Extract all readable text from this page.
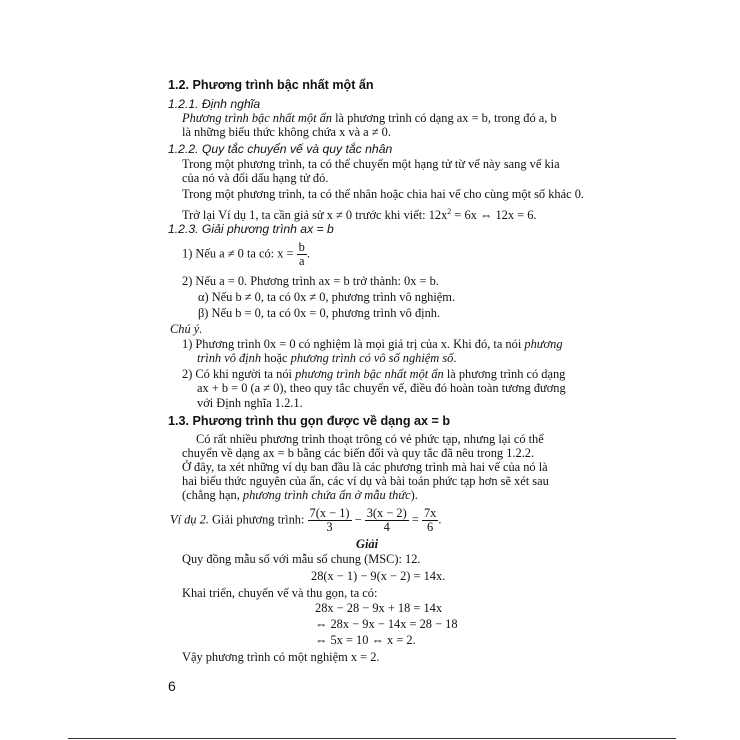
1.2. Phương trình bậc nhất một ẩn
1.2.1. Định nghĩa
Phương trình bậc nhất một ẩn là phương trình có dạng ax = b, trong đó a, b
là những biểu thức không chứa x và a ≠ 0.
1.2.2. Quy tắc chuyển vế và quy tắc nhân
Trong một phương trình, ta có thể chuyển một hạng tử từ vế này sang vế kia
của nó và đổi dấu hạng tử đó.
Trong một phương trình, ta có thể nhân hoặc chia hai vế cho cùng một số khác 0.
Trở lại Ví dụ 1, ta cần giả sử x ≠ 0 trước khi viết: $12x^2 = 6x$ ⇔ 12x = 6.
1.2.3. Giải phương trình ax = b
1) Nếu a ≠ 0 ta có: $x = \frac{b}{a}$ .
2) Nếu a = 0. Phương trình ax = b trở thành: 0x = b.
α) Nếu b ≠ 0, ta có 0x ≠ 0, phương trình vô nghiệm.
β) Nếu b = 0, ta có 0x = 0, phương trình vô định.
Chú ý.
1) Phương trình 0x = 0 có nghiệm là mọi giá trị của x. Khi đó, ta nói phương
trình vô định hoặc phương trình có vô số nghiệm số.
2) Có khi người ta nói phương trình bậc nhất một ẩn là phương trình có dạng
ax + b = 0 (a ≠ 0), theo quy tắc chuyển vế, điều đó hoàn toàn tương đương
với Định nghĩa 1.2.1.
1.3. Phương trình thu gọn được về dạng ax = b
Có rất nhiều phương trình thoạt trông có vẻ phức tạp, nhưng lại có thể
chuyển về dạng ax = b bằng các biến đổi và quy tắc đã nêu trong 1.2.2.
Ở đây, ta xét những ví dụ ban đầu là các phương trình mà hai vế của nó là
hai biểu thức nguyên của ẩn, các ví dụ và bài toán phức tạp hơn sẽ xét sau
(chẳng hạn, phương trình chứa ẩn ở mẫu thức).
Ví dụ 2. Giải phương trình: $\frac{7(x - 1)}{3} - \frac{3(x - 2)}{4} = \frac{7x}{6}$ .
Giải
Quy đồng mẫu số với mẫu số chung (MSC): 12.
28(x − 1) − 9(x − 2) = 14x.
Khai triển, chuyển vế và thu gọn, ta có:
28x − 28 − 9x + 18 = 14x
⇔ 28x − 9x − 14x = 28 − 18
⇔ 5x = 10 ⇔ x = 2.
Vậy phương trình có một nghiệm x = 2.
6
